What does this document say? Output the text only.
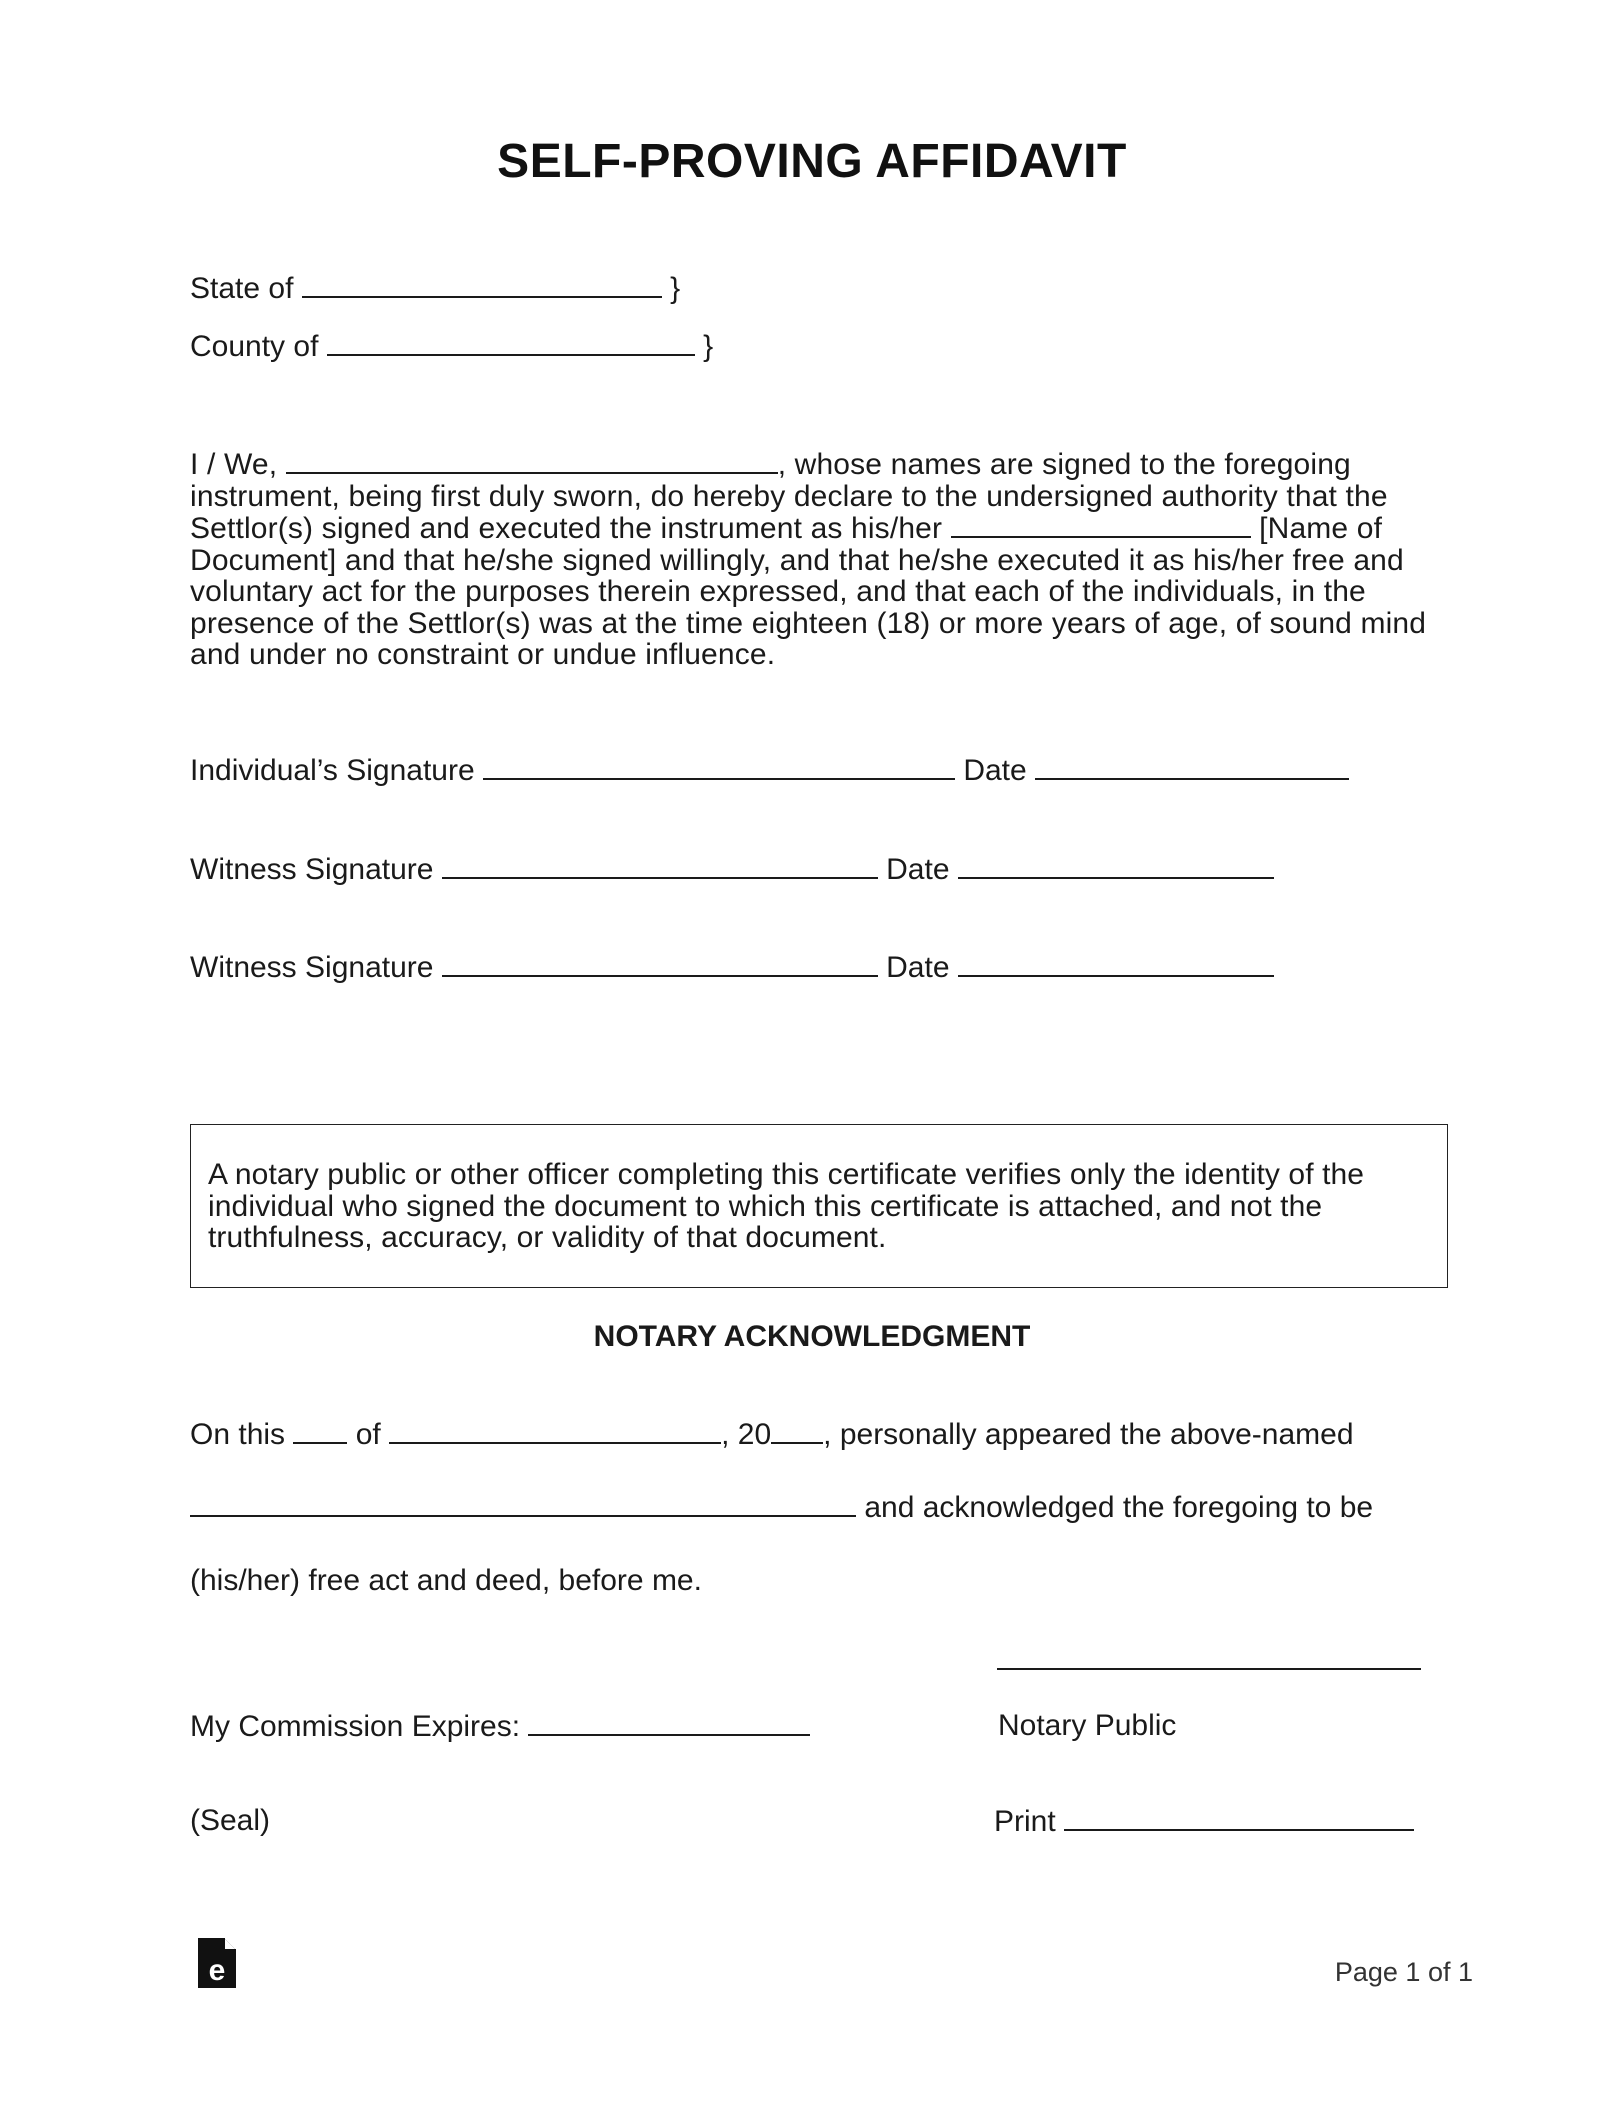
SELF-PROVING AFFIDAVIT
State of	}
County of	}
I / We,	, whose names are signed to the foregoing instrument, being first duly sworn, do hereby declare to the undersigned authority that the Settlor(s) signed and executed the instrument as his/her	[Name of Document] and that he/she signed willingly, and that he/she executed it as his/her free and voluntary act for the purposes therein expressed, and that each of the individuals, in the presence of the Settlor(s) was at the time eighteen (18) or more years of age, of sound mind and under no constraint or undue influence.
Individual’s Signature	Date
Witness Signature	Date
Witness Signature	Date
A notary public or other officer completing this certificate verifies only the identity of the individual who signed the document to which this certificate is attached, and not the truthfulness, accuracy, or validity of that document.
NOTARY ACKNOWLEDGMENT
On this of	, 20 , personally appeared the above-named
and acknowledged the foregoing to be
(his/her) free act and deed, before me.
My Commission Expires:	Notary Public
(Seal)	Print
e	Page 1 of 1
